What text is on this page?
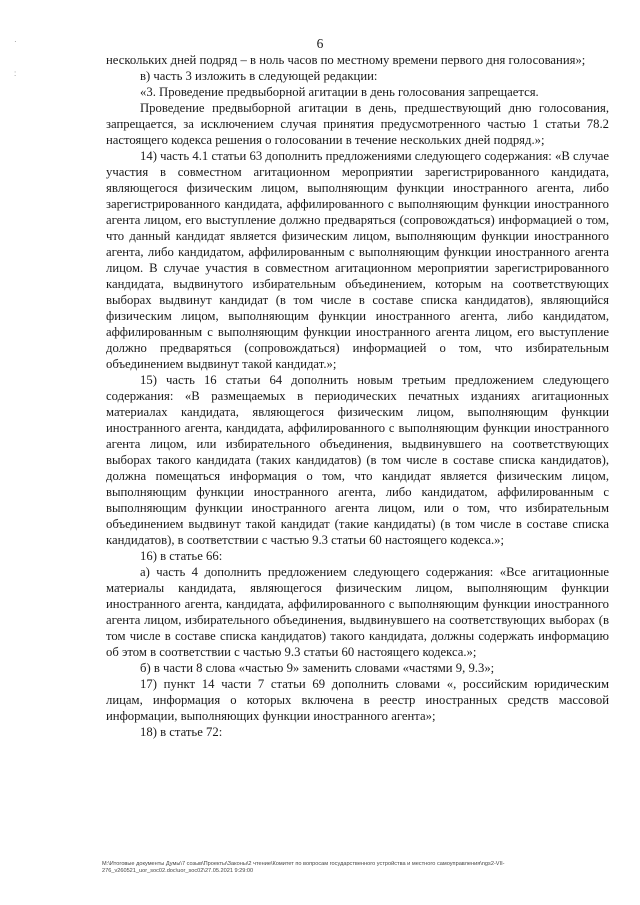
·
:
6

нескольких дней подряд – в ноль часов по местному времени первого дня голосования»;

в) часть 3 изложить в следующей редакции:

«3. Проведение предвыборной агитации в день голосования запрещается.

Проведение предвыборной агитации в день, предшествующий дню голосования, запрещается, за исключением случая принятия предусмотренного частью 1 статьи 78.2 настоящего кодекса решения о голосовании в течение нескольких дней подряд.»;

14) часть 4.1 статьи 63 дополнить предложениями следующего содержания: «В случае участия в совместном агитационном мероприятии зарегистрированного кандидата, являющегося физическим лицом, выполняющим функции иностранного агента, либо зарегистрированного кандидата, аффилированного с выполняющим функции иностранного агента лицом, его выступление должно предваряться (сопровождаться) информацией о том, что данный кандидат является физическим лицом, выполняющим функции иностранного агента, либо кандидатом, аффилированным с выполняющим функции иностранного агента лицом. В случае участия в совместном агитационном мероприятии зарегистрированного кандидата, выдвинутого избирательным объединением, которым на соответствующих выборах выдвинут кандидат (в том числе в составе списка кандидатов), являющийся физическим лицом, выполняющим функции иностранного агента, либо кандидатом, аффилированным с выполняющим функции иностранного агента лицом, его выступление должно предваряться (сопровождаться) информацией о том, что избирательным объединением выдвинут такой кандидат.»;

15) часть 16 статьи 64 дополнить новым третьим предложением следующего содержания: «В размещаемых в периодических печатных изданиях агитационных материалах кандидата, являющегося физическим лицом, выполняющим функции иностранного агента, кандидата, аффилированного с выполняющим функции иностранного агента лицом, или избирательного объединения, выдвинувшего на соответствующих выборах такого кандидата (таких кандидатов) (в том числе в составе списка кандидатов), должна помещаться информация о том, что кандидат является физическим лицом, выполняющим функции иностранного агента, либо кандидатом, аффилированным с выполняющим функции иностранного агента лицом, или о том, что избирательным объединением выдвинут такой кандидат (такие кандидаты) (в том числе в составе списка кандидатов), в соответствии с частью 9.3 статьи 60 настоящего кодекса.»;

16) в статье 66:

а) часть 4 дополнить предложением следующего содержания: «Все агитационные материалы кандидата, являющегося физическим лицом, выполняющим функции иностранного агента, кандидата, аффилированного с выполняющим функции иностранного агента лицом, избирательного объединения, выдвинувшего на соответствующих выборах (в том числе в составе списка кандидатов) такого кандидата, должны содержать информацию об этом в соответствии с частью 9.3 статьи 60 настоящего кодекса.»;

б) в части 8 слова «частью 9» заменить словами «частями 9, 9.3»;

17) пункт 14 части 7 статьи 69 дополнить словами «, российским юридическим лицам, информация о которых включена в реестр иностранных средств массовой информации, выполняющих функции иностранного агента»;

18) в статье 72:

M:\Итоговые документы Думы\7 созыв\Проекты\Законы\2 чтение\Комитет по вопросам государственного устройства и местного самоуправления\ngs2-VII-276_v260521_uor_soc02.doc\uor_soc02\27.05.2021 9:29:00
